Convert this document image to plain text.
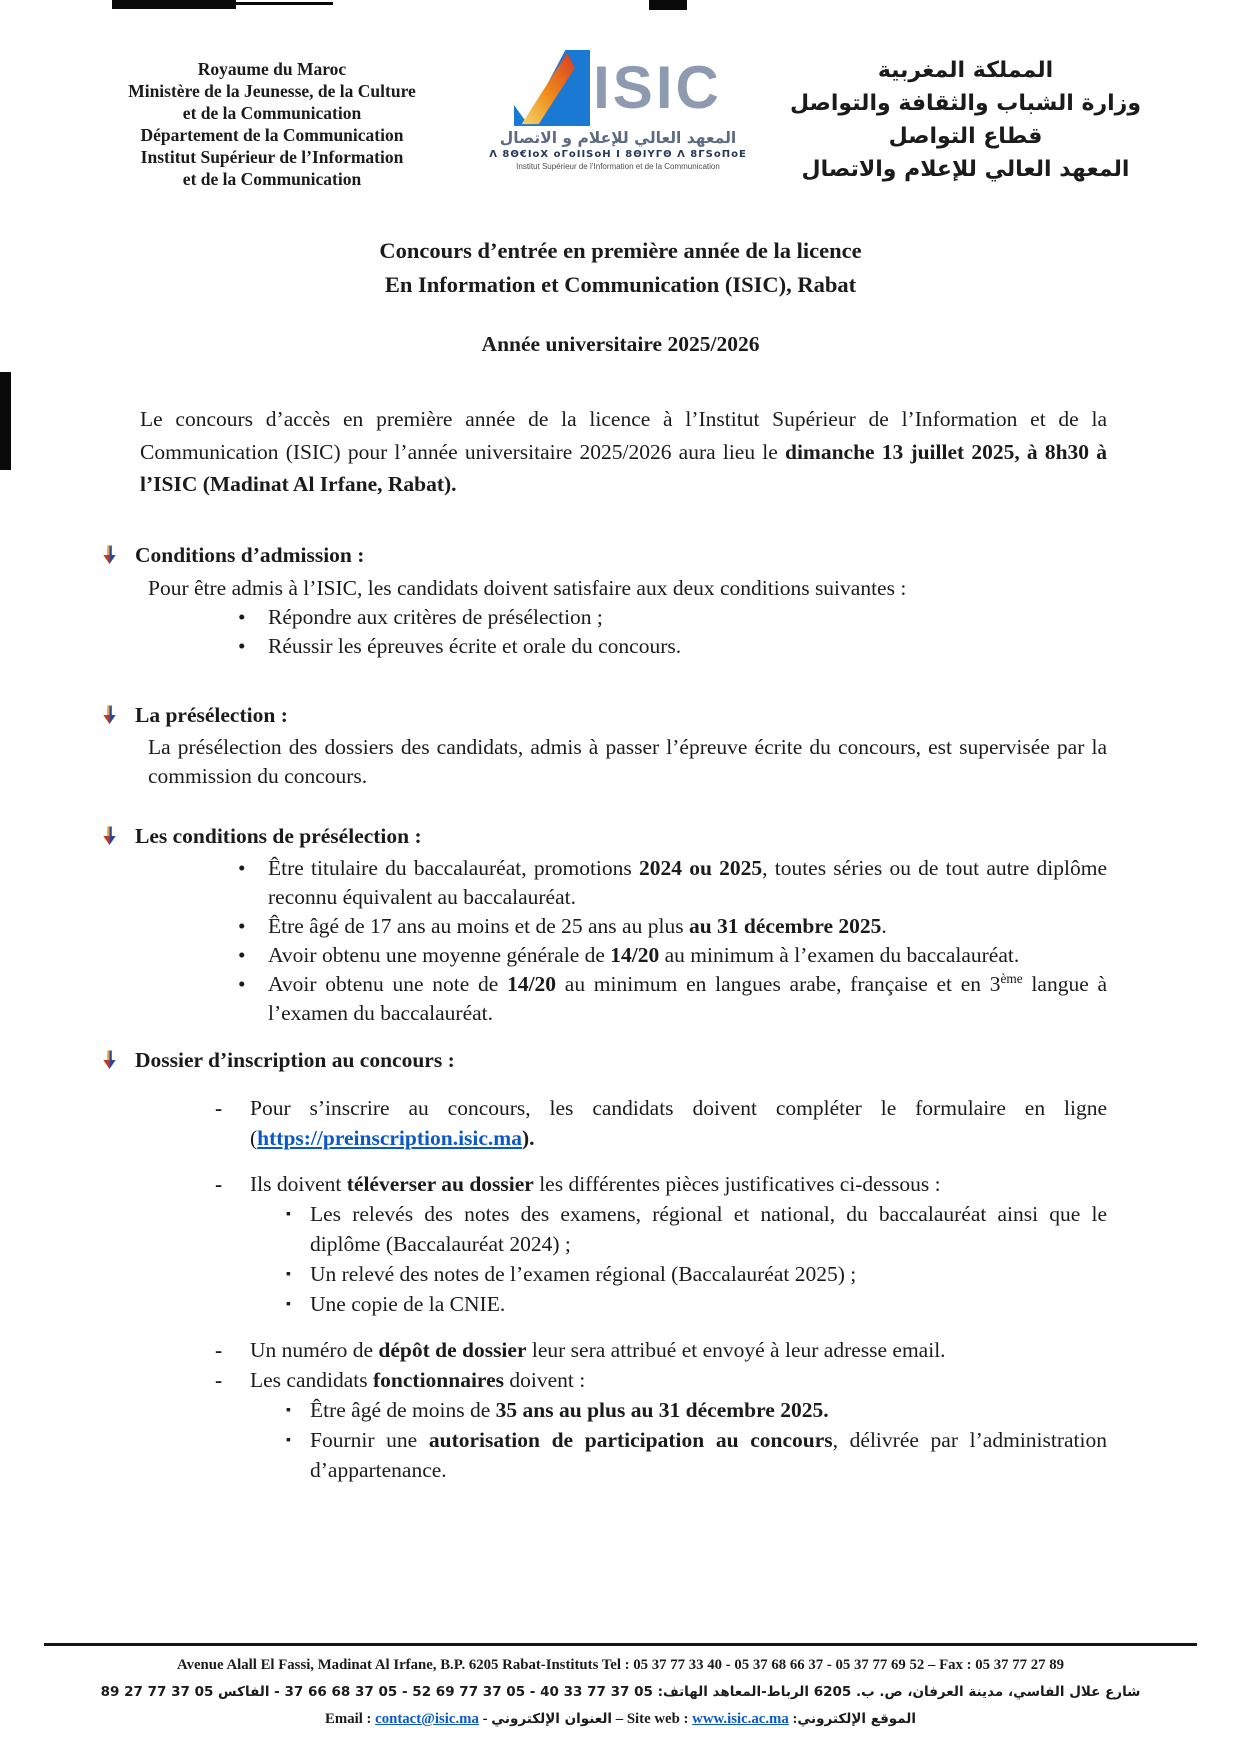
Royaume du Maroc
Ministère de la Jeunesse, de la Culture
et de la Communication
Département de la Communication
Institut Supérieur de l’Information
et de la Communication
ISIC
المعهد العالي للإعلام و الاتصال
Λ 8Θ€ΙοΧ οΓοΙΙЅοΗ Ι 8ΘΙΥΓΘ Λ 8ΓЅοΠοΕ
Institut Supérieur de l’Information et de la Communication
المملكة المغربية
وزارة الشباب والثقافة والتواصل
قطاع التواصل
المعهد العالي للإعلام والاتصال
Concours d’entrée en première année de la licence
En Information et Communication (ISIC), Rabat
Année universitaire 2025/2026

Le concours d’accès en première année de la licence à l’Institut Supérieur de l’Information et de la Communication (ISIC) pour l’année universitaire 2025/2026 aura lieu le dimanche 13 juillet 2025, à 8h30 à l’ISIC (Madinat Al Irfane, Rabat).

Conditions d’admission :
Pour être admis à l’ISIC, les candidats doivent satisfaire aux deux conditions suivantes :
• Répondre aux critères de présélection ;
• Réussir les épreuves écrite et orale du concours.
La présélection :
La présélection des dossiers des candidats, admis à passer l’épreuve écrite du concours, est supervisée par la commission du concours.
Les conditions de présélection :
• Être titulaire du baccalauréat, promotions 2024 ou 2025, toutes séries ou de tout autre diplôme reconnu équivalent au baccalauréat.
• Être âgé de 17 ans au moins et de 25 ans au plus au 31 décembre 2025.
• Avoir obtenu une moyenne générale de 14/20 au minimum à l’examen du baccalauréat.
• Avoir obtenu une note de 14/20 au minimum en langues arabe, française et en 3ème langue à l’examen du baccalauréat.
Dossier d’inscription au concours :
- Pour s’inscrire au concours, les candidats doivent compléter le formulaire en ligne (https://preinscription.isic.ma).
- Ils doivent téléverser au dossier les différentes pièces justificatives ci-dessous :
▪ Les relevés des notes des examens, régional et national, du baccalauréat ainsi que le diplôme (Baccalauréat 2024) ;
▪ Un relevé des notes de l’examen régional (Baccalauréat 2025) ;
▪ Une copie de la CNIE.
- Un numéro de dépôt de dossier leur sera attribué et envoyé à leur adresse email.
- Les candidats fonctionnaires doivent :
▪ Être âgé de moins de 35 ans au plus au 31 décembre 2025.
▪ Fournir une autorisation de participation au concours, délivrée par l’administration d’appartenance.
Avenue Alall El Fassi, Madinat Al Irfane, B.P. 6205 Rabat-Instituts Tel : 05 37 77 33 40 - 05 37 68 66 37 - 05 37 77 69 52 – Fax : 05 37 77 27 89
شارع علال الفاسي، مدينة العرفان، ص. ب. 6205 الرباط-المعاهد الهاتف: 05 37 77 33 40 - 05 37 77 69 52 - 05 37 68 66 37 - الفاكس 05 37 77 27 89
Email : contact@isic.ma - العنوان الإلكتروني – Site web : www.isic.ac.ma :الموقع الإلكتروني
